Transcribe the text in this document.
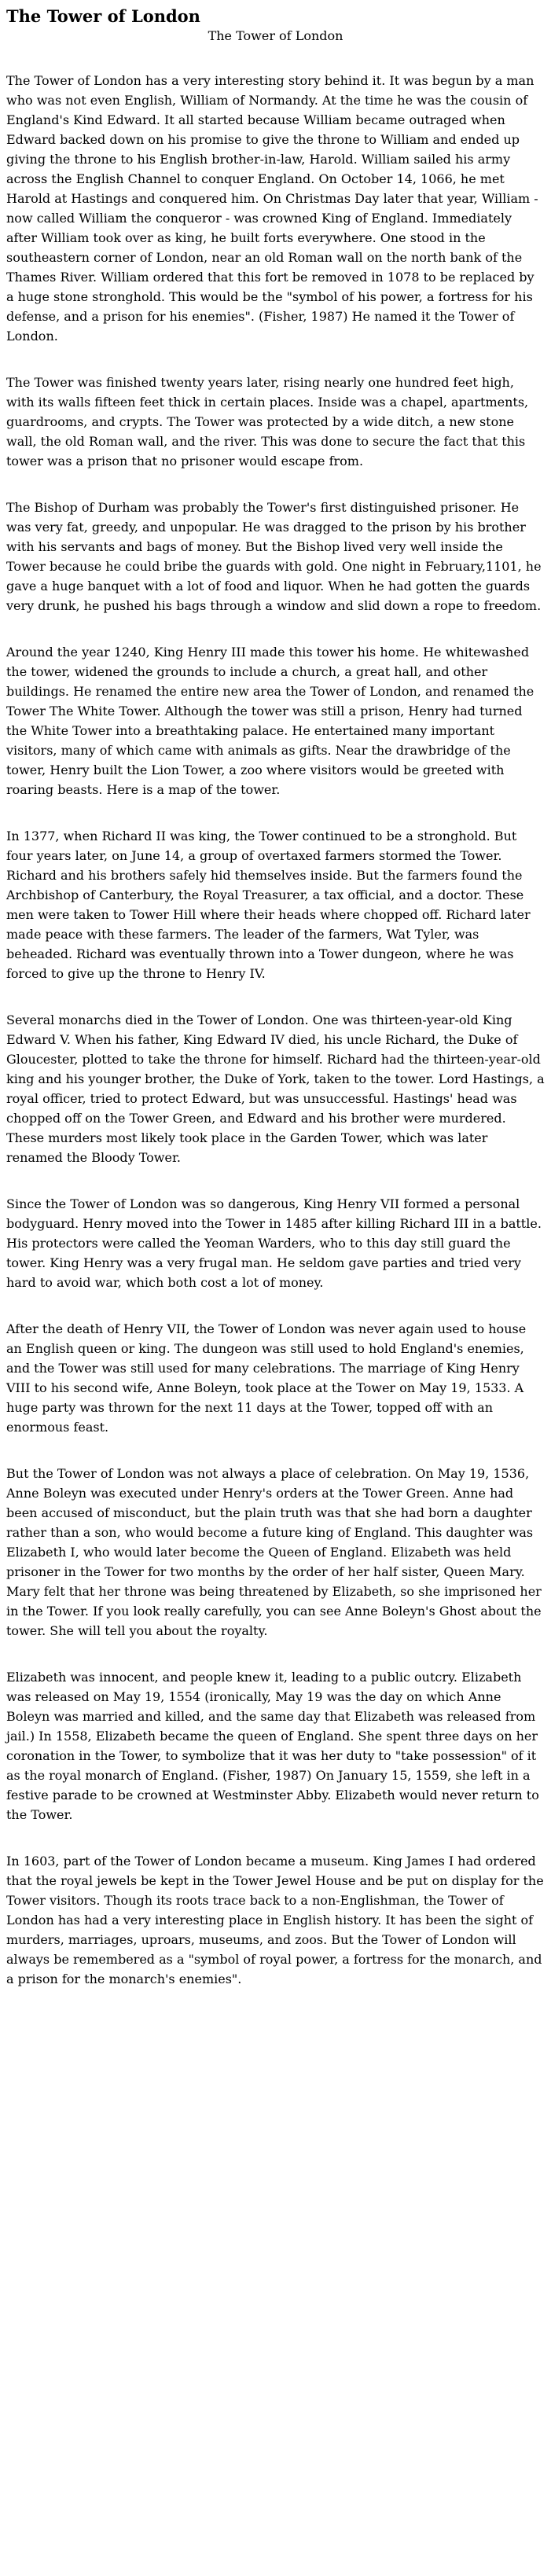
The Tower of London
The Tower of London

The Tower of London has a very interesting story behind it. It was begun by a man who was not even English, William of Normandy. At the time he was the cousin of England's Kind Edward. It all started because William became outraged when Edward backed down on his promise to give the throne to William and ended up giving the throne to his English brother-in-law, Harold. William sailed his army across the English Channel to conquer England. On October 14, 1066, he met Harold at Hastings and conquered him. On Christmas Day later that year, William - now called William the conqueror - was crowned King of England. Immediately after William took over as king, he built forts everywhere. One stood in the southeastern corner of London, near an old Roman wall on the north bank of the Thames River. William ordered that this fort be removed in 1078 to be replaced by a huge stone stronghold. This would be the "symbol of his power, a fortress for his defense, and a prison for his enemies". (Fisher, 1987) He named it the Tower of London.

The Tower was finished twenty years later, rising nearly one hundred feet high, with its walls fifteen feet thick in certain places. Inside was a chapel, apartments, guardrooms, and crypts. The Tower was protected by a wide ditch, a new stone wall, the old Roman wall, and the river. This was done to secure the fact that this tower was a prison that no prisoner would escape from.

The Bishop of Durham was probably the Tower's first distinguished prisoner. He was very fat, greedy, and unpopular. He was dragged to the prison by his brother with his servants and bags of money. But the Bishop lived very well inside the Tower because he could bribe the guards with gold. One night in February,1101, he gave a huge banquet with a lot of food and liquor. When he had gotten the guards very drunk, he pushed his bags through a window and slid down a rope to freedom.

Around the year 1240, King Henry III made this tower his home. He whitewashed the tower, widened the grounds to include a church, a great hall, and other buildings. He renamed the entire new area the Tower of London, and renamed the Tower The White Tower. Although the tower was still a prison, Henry had turned the White Tower into a breathtaking palace. He entertained many important visitors, many of which came with animals as gifts. Near the drawbridge of the tower, Henry built the Lion Tower, a zoo where visitors would be greeted with roaring beasts. Here is a map of the tower.

In 1377, when Richard II was king, the Tower continued to be a stronghold. But four years later, on June 14, a group of overtaxed farmers stormed the Tower. Richard and his brothers safely hid themselves inside. But the farmers found the Archbishop of Canterbury, the Royal Treasurer, a tax official, and a doctor. These men were taken to Tower Hill where their heads where chopped off. Richard later made peace with these farmers. The leader of the farmers, Wat Tyler, was beheaded. Richard was eventually thrown into a Tower dungeon, where he was forced to give up the throne to Henry IV.

Several monarchs died in the Tower of London. One was thirteen-year-old King Edward V. When his father, King Edward IV died, his uncle Richard, the Duke of Gloucester, plotted to take the throne for himself. Richard had the thirteen-year-old king and his younger brother, the Duke of York, taken to the tower. Lord Hastings, a royal officer, tried to protect Edward, but was unsuccessful. Hastings' head was chopped off on the Tower Green, and Edward and his brother were murdered. These murders most likely took place in the Garden Tower, which was later renamed the Bloody Tower.

Since the Tower of London was so dangerous, King Henry VII formed a personal bodyguard. Henry moved into the Tower in 1485 after killing Richard III in a battle. His protectors were called the Yeoman Warders, who to this day still guard the tower. King Henry was a very frugal man. He seldom gave parties and tried very hard to avoid war, which both cost a lot of money.

After the death of Henry VII, the Tower of London was never again used to house an English queen or king. The dungeon was still used to hold England's enemies, and the Tower was still used for many celebrations. The marriage of King Henry VIII to his second wife, Anne Boleyn, took place at the Tower on May 19, 1533. A huge party was thrown for the next 11 days at the Tower, topped off with an enormous feast.

But the Tower of London was not always a place of celebration. On May 19, 1536, Anne Boleyn was executed under Henry's orders at the Tower Green. Anne had been accused of misconduct, but the plain truth was that she had born a daughter rather than a son, who would become a future king of England. This daughter was Elizabeth I, who would later become the Queen of England. Elizabeth was held prisoner in the Tower for two months by the order of her half sister, Queen Mary. Mary felt that her throne was being threatened by Elizabeth, so she imprisoned her in the Tower. If you look really carefully, you can see Anne Boleyn's Ghost about the tower. She will tell you about the royalty.

Elizabeth was innocent, and people knew it, leading to a public outcry. Elizabeth was released on May 19, 1554 (ironically, May 19 was the day on which Anne Boleyn was married and killed, and the same day that Elizabeth was released from jail.) In 1558, Elizabeth became the queen of England. She spent three days on her coronation in the Tower, to symbolize that it was her duty to "take possession" of it as the royal monarch of England. (Fisher, 1987) On January 15, 1559, she left in a festive parade to be crowned at Westminster Abby. Elizabeth would never return to the Tower.

In 1603, part of the Tower of London became a museum. King James I had ordered that the royal jewels be kept in the Tower Jewel House and be put on display for the Tower visitors. Though its roots trace back to a non-Englishman, the Tower of London has had a very interesting place in English history. It has been the sight of murders, marriages, uproars, museums, and zoos. But the Tower of London will always be remembered as a "symbol of royal power, a fortress for the monarch, and a prison for the monarch's enemies".
